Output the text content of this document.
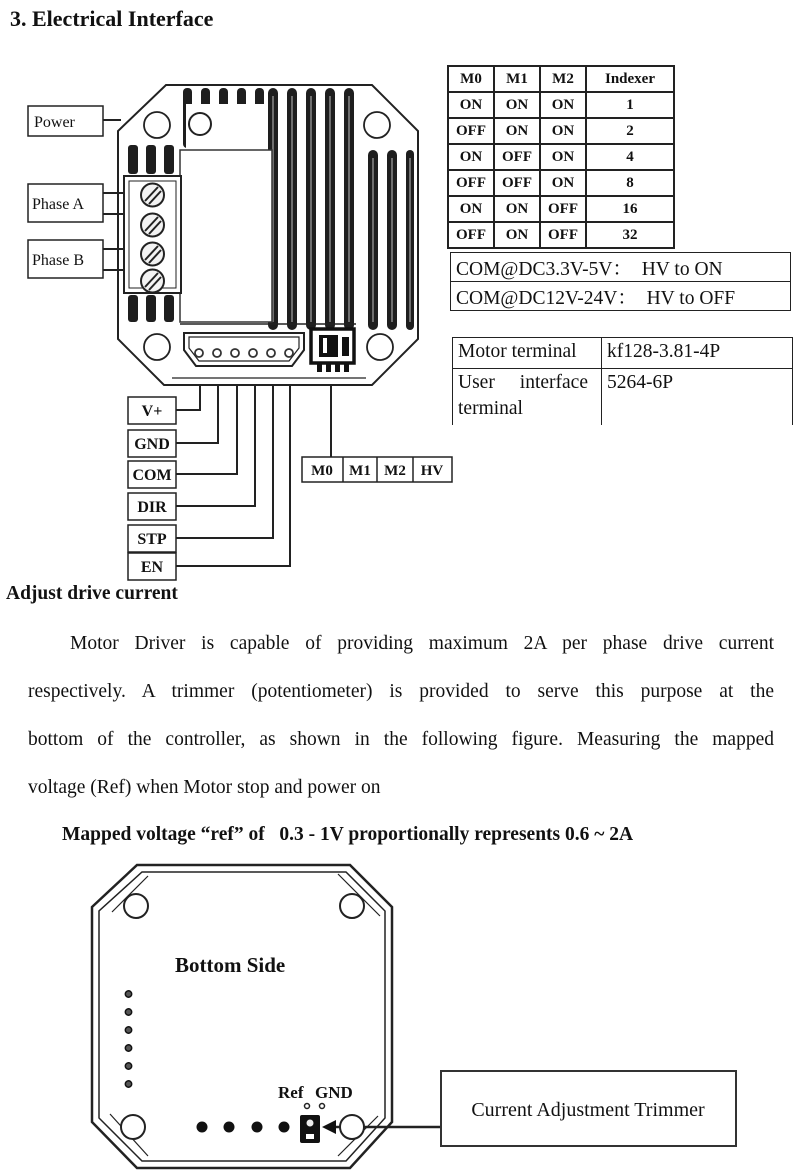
3. Electrical Interface
Power
Phase A
Phase B
V+
GND
COM
DIR
STP
EN
M0 M1 M2 HV
M0	M1	M2	Indexer
ON	ON	ON	1
OFF	ON	ON	2
ON	OFF	ON	4
OFF	OFF	ON	8
ON	ON	OFF	16
OFF	ON	OFF	32
COM@DC3.3V-5V：  HV to ON
COM@DC12V-24V：  HV to OFF
Motor terminal	kf128-3.81-4P

User interface terminal	5264-6P
Adjust drive current
Motor Driver is capable of providing maximum 2A per phase drive current
respectively. A trimmer (potentiometer) is provided to serve this purpose at the
bottom of the controller, as shown in the following figure. Measuring the mapped
voltage (Ref) when Motor stop and power on
Mapped voltage “ref” of   0.3 - 1V proportionally represents 0.6 ~ 2A
Bottom Side
Ref GND
Current Adjustment Trimmer
